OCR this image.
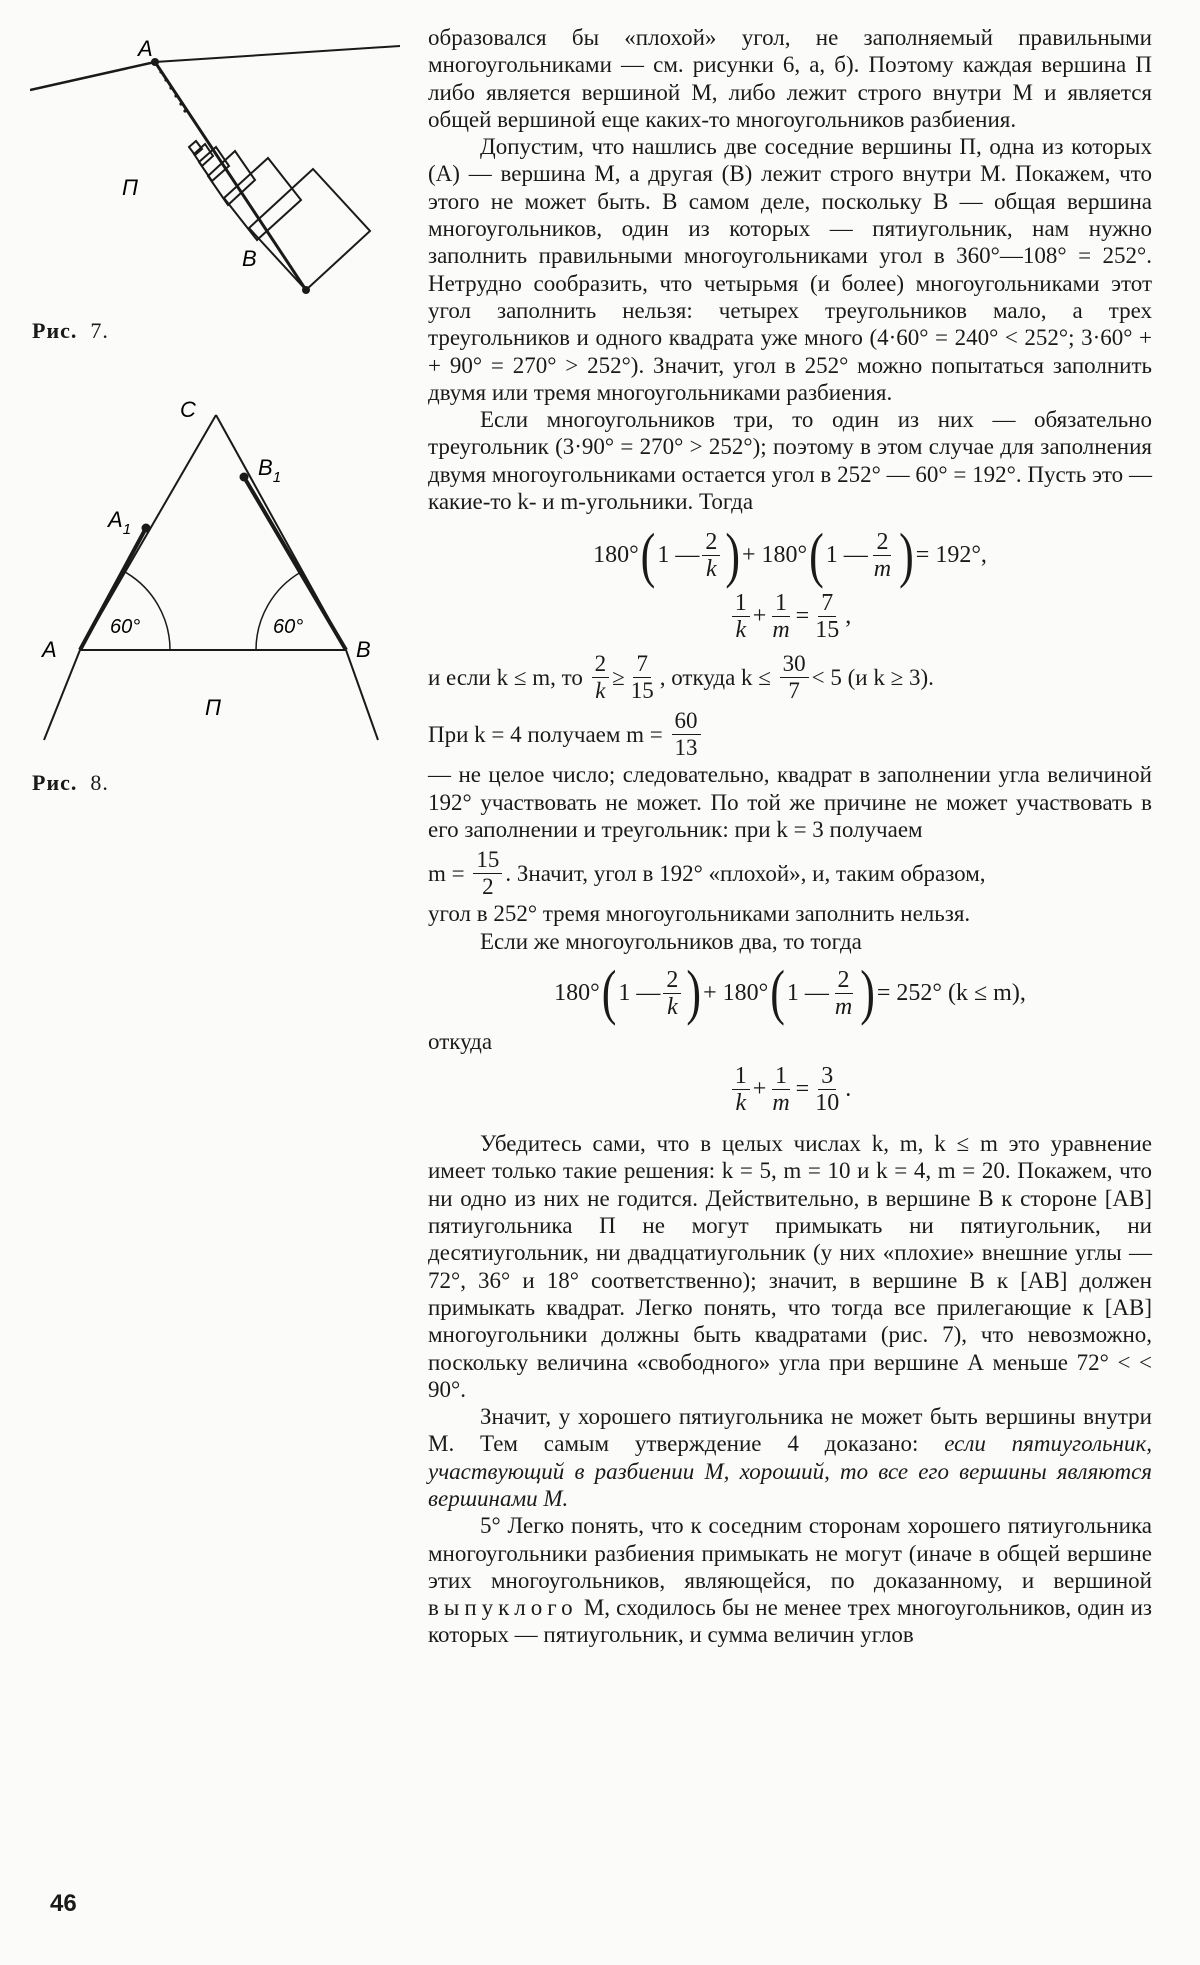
A
B
П
Рис. 7.
60°	60°
C
A	B
$A_1$
$B_1$
П
Рис. 8.

образовался бы «плохой» угол, не заполняемый правильными многоугольниками — см. рисунки 6, а, б). Поэтому каждая вершина П либо является вершиной М, либо лежит строго внутри М и является общей вершиной еще каких-то многоугольников разбиения.

Допустим, что нашлись две соседние вершины П, одна из которых (А) — вершина М, а другая (В) лежит строго внутри М. Покажем, что этого не может быть. В самом деле, поскольку В — общая вершина многоугольников, один из которых — пятиугольник, нам нужно заполнить правильными многоугольниками угол в 360°—108° = 252°. Нетрудно сообразить, что четырьмя (и более) многоугольниками этот угол заполнить нельзя: четырех треугольников мало, а трех треугольников и одного квадрата уже много (4·60° = 240° < 252°; 3·60° + + 90° = 270° > 252°). Значит, угол в 252° можно попытаться заполнить двумя или тремя многоугольниками разбиения.

Если многоугольников три, то один из них — обязательно треугольник (3·90° = 270° > 252°); поэтому в этом случае для заполнения двумя многоугольниками остается угол в 252° — 60° = 192°. Пусть это — какие-то k- и m-угольники. Тогда

180° ( 1 — $\frac{2}{k}$ ) + 180° ( 1 — $\frac{2}{m}$ ) = 192°,
$\frac{1}{k} + \frac{1}{m} = \frac{7}{15}$ ,

и если k ≤ m, то
$\frac{2}{k} \ge \frac{7}{15}$ , откуда k ≤
$\frac{30}{7} < 5$ (и k ≥ 3).

При k = 4 получаем m =
$\frac{60}{13}$

— не целое число; следовательно, квадрат в заполнении угла величиной 192° участвовать не может. По той же причине не может участвовать в его заполнении и треугольник: при k = 3 получаем

m =
$\frac{15}{2}$ . Значит, угол в 192° «плохой», и, таким образом,

угол в 252° тремя многоугольниками заполнить нельзя.

Если же многоугольников два, то тогда

180° ( 1 — $\frac{2}{k}$ ) + 180° ( 1 — $\frac{2}{m}$ ) = 252° (k ≤ m),

откуда

$\frac{1}{k} + \frac{1}{m} = \frac{3}{10}$ .

Убедитесь сами, что в целых числах k, m, k ≤ m это уравнение имеет только такие решения: k = 5, m = 10 и k = 4, m = 20. Покажем, что ни одно из них не годится. Действительно, в вершине В к стороне [АВ] пятиугольника П не могут примыкать ни пятиугольник, ни десятиугольник, ни двадцатиугольник (у них «плохие» внешние углы — 72°, 36° и 18° соответственно); значит, в вершине В к [АВ] должен примыкать квадрат. Легко понять, что тогда все прилегающие к [АВ] многоугольники должны быть квадратами (рис. 7), что невозможно, поскольку величина «свободного» угла при вершине А меньше 72° < < 90°.

Значит, у хорошего пятиугольника не может быть вершины внутри М. Тем самым утверждение 4 доказано: если пятиугольник, участвующий в разбиении М, хороший, то все его вершины являются вершинами М.

5° Легко понять, что к соседним сторонам хорошего пятиугольника многоугольники разбиения примыкать не могут (иначе в общей вершине этих многоугольников, являющейся, по доказанному, и вершиной выпуклого М, сходилось бы не менее трех многоугольников, один из которых — пятиугольник, и сумма величин углов

46
